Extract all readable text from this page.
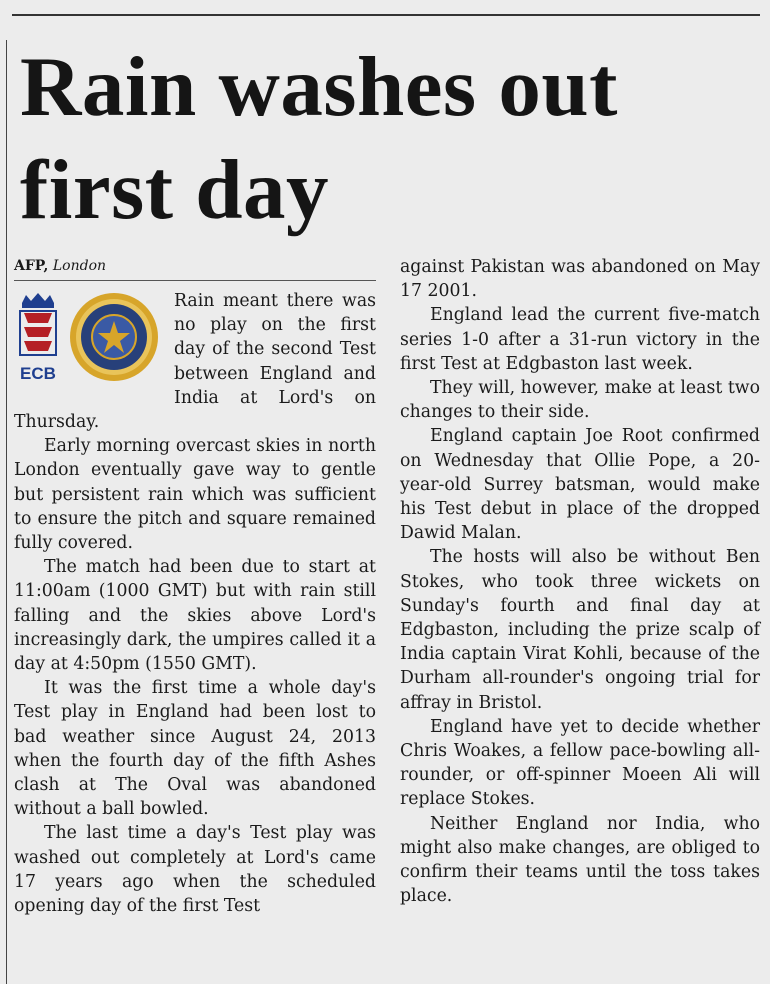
Rain washes out first day
AFP, London
ECB

Rain meant there was no play on the first day of the second Test between England and India at Lord's on Thursday.

Early morning overcast skies in north London eventually gave way to gentle but persistent rain which was sufficient to ensure the pitch and square remained fully covered.

The match had been due to start at 11:00am (1000 GMT) but with rain still falling and the skies above Lord's increasingly dark, the umpires called it a day at 4:50pm (1550 GMT).

It was the first time a whole day's Test play in England had been lost to bad weather since August 24, 2013 when the fourth day of the fifth Ashes clash at The Oval was abandoned without a ball bowled.

The last time a day's Test play was washed out completely at Lord's came 17 years ago when the scheduled opening day of the first Test

against Pakistan was abandoned on May 17 2001.

England lead the current five-match series 1-0 after a 31-run victory in the first Test at Edgbaston last week.

They will, however, make at least two changes to their side.

England captain Joe Root confirmed on Wednesday that Ollie Pope, a 20-year-old Surrey batsman, would make his Test debut in place of the dropped Dawid Malan.

The hosts will also be without Ben Stokes, who took three wickets on Sunday's fourth and final day at Edgbaston, including the prize scalp of India captain Virat Kohli, because of the Durham all-rounder's ongoing trial for affray in Bristol.

England have yet to decide whether Chris Woakes, a fellow pace-bowling all-rounder, or off-spinner Moeen Ali will replace Stokes.

Neither England nor India, who might also make changes, are obliged to confirm their teams until the toss takes place.
